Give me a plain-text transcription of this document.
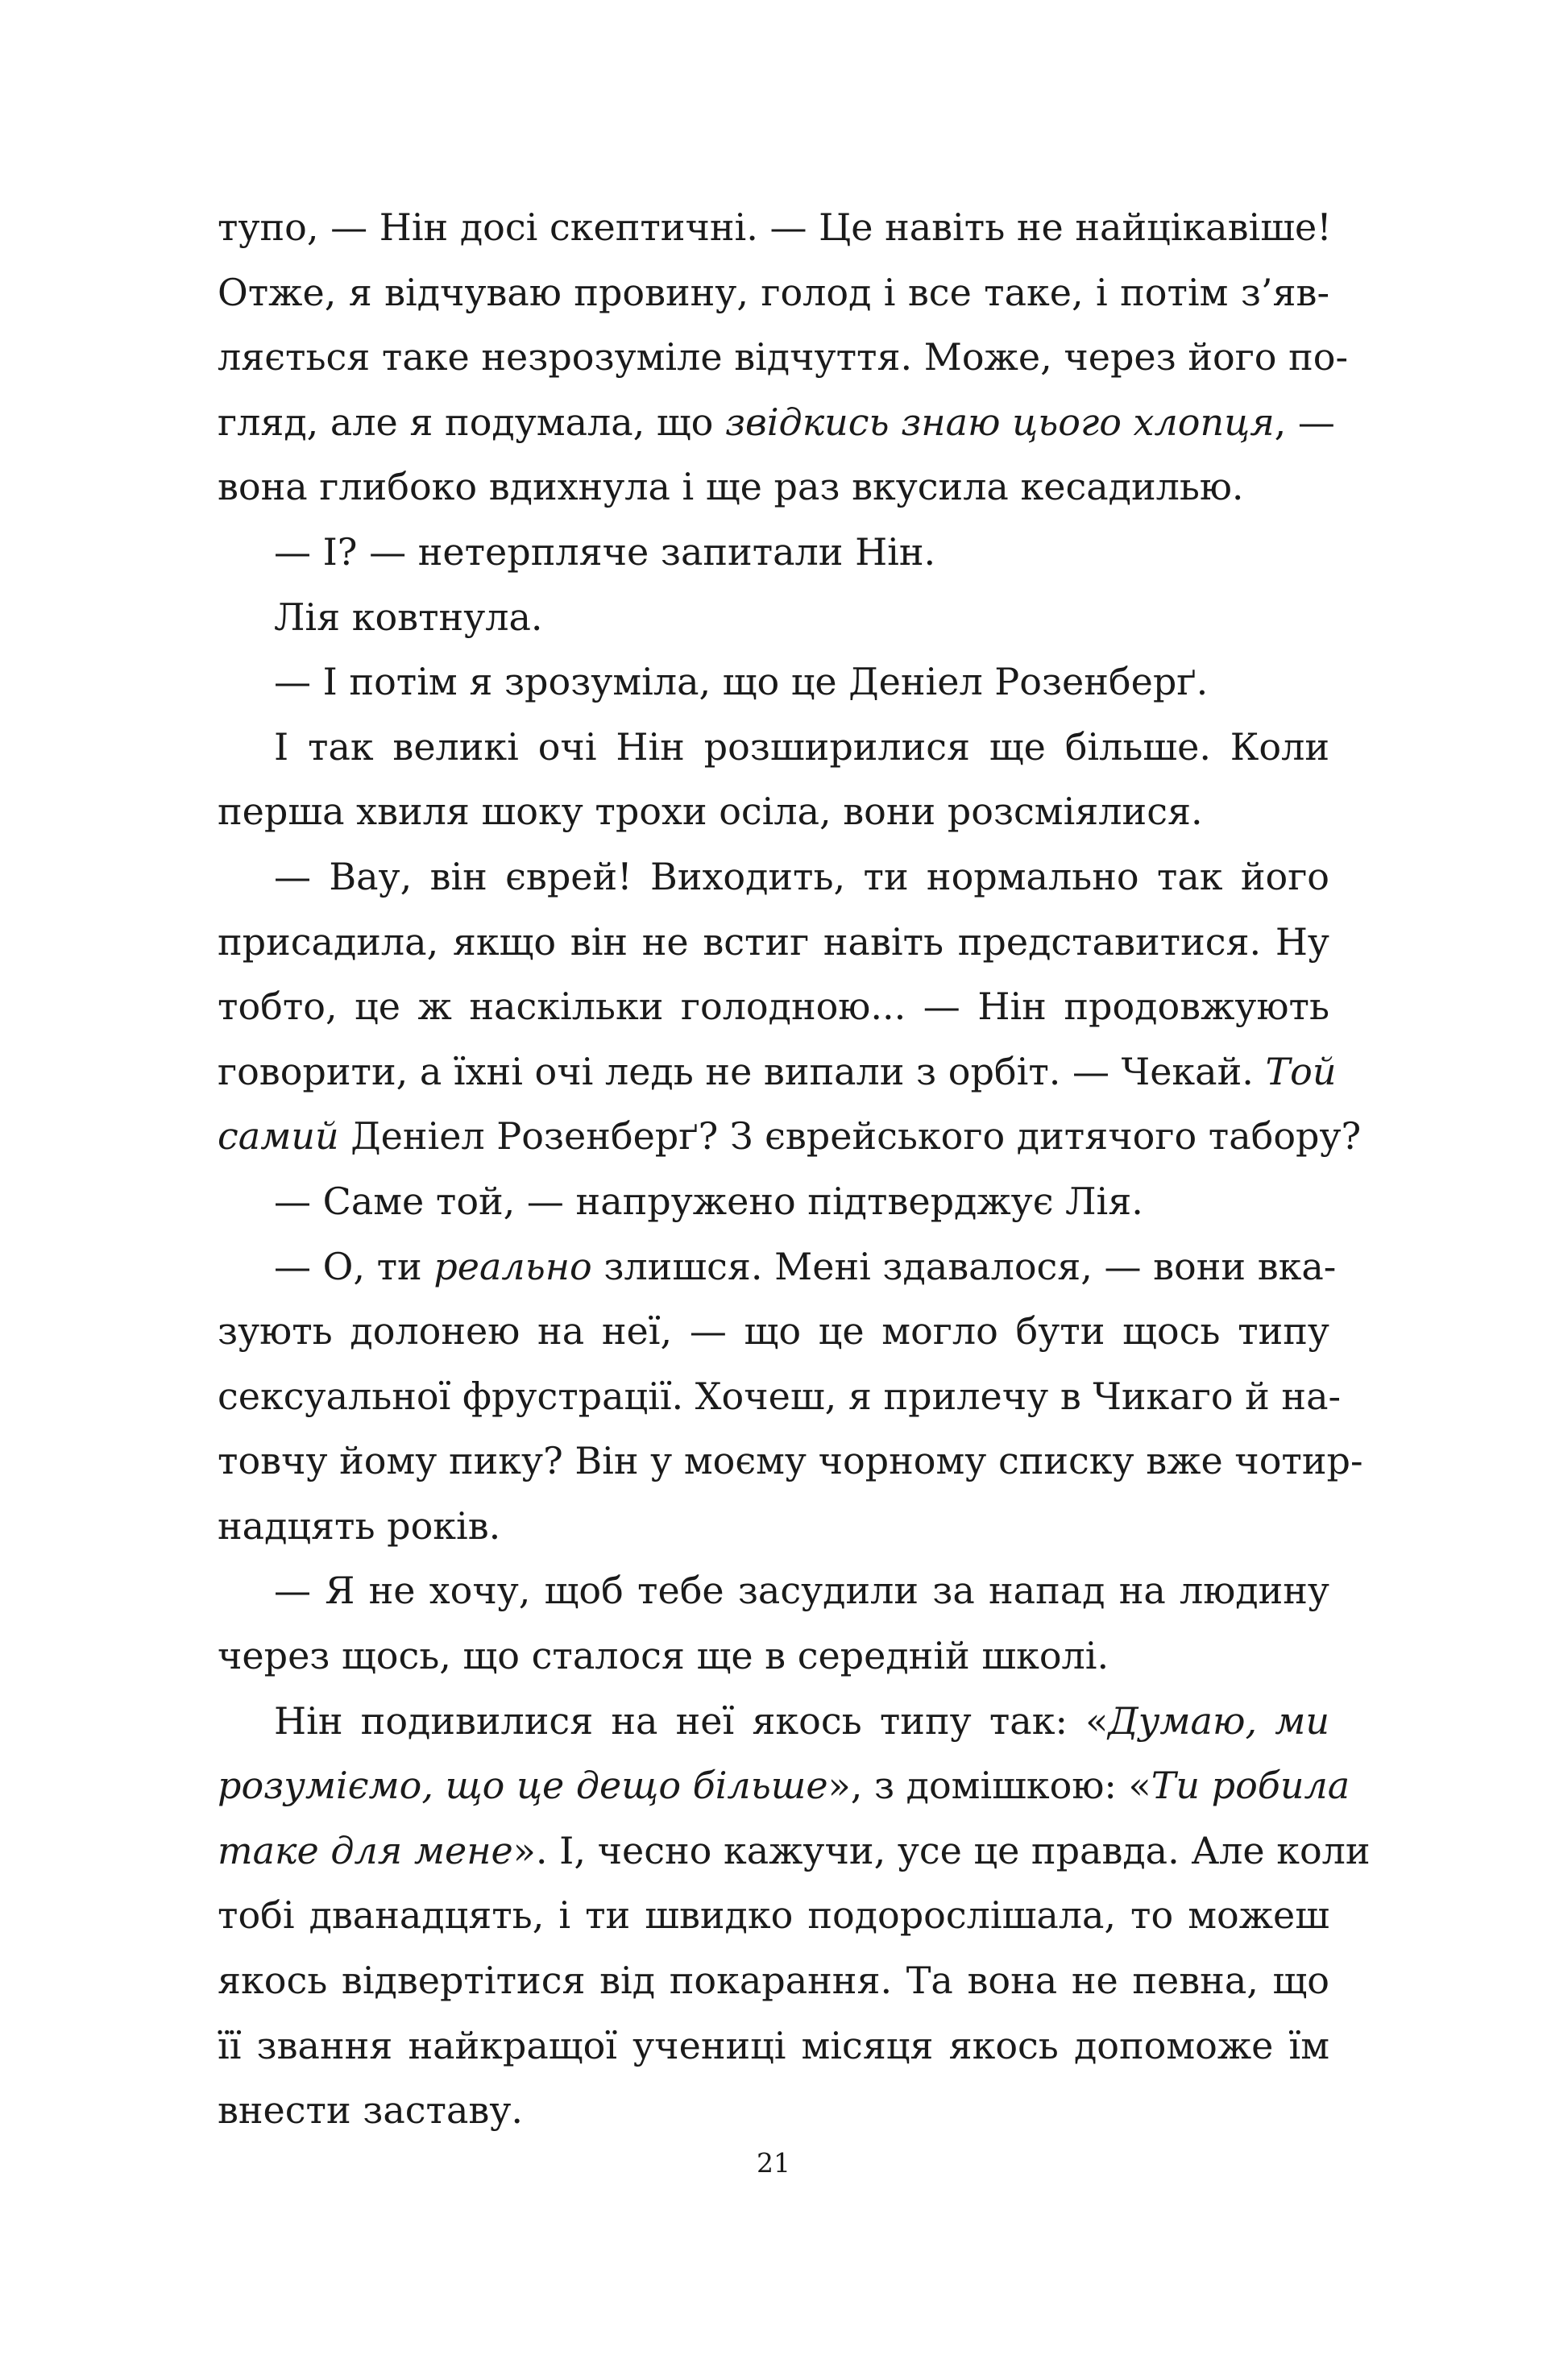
тупо, — Нін досі скептичні. — Це навіть не найцікавіше!
Отже, я відчуваю провину, голод і все таке, і потім з’яв-
ляється таке незрозуміле відчуття. Може, через його по-
гляд, але я подумала, що звідкись знаю цього хлопця, —
вона глибоко вдихнула і ще раз вкусила кесадилью.
— І? — нетерпляче запитали Нін.
Лія ковтнула.
— І потім я зрозуміла, що це Деніел Розенберґ.
І так великі очі Нін розширилися ще більше. Коли
перша хвиля шоку трохи осіла, вони розсміялися.
— Вау, він єврей! Виходить, ти нормально так його
присадила, якщо він не встиг навіть представитися. Ну
тобто, це ж наскільки голодною... — Нін продовжують
говорити, а їхні очі ледь не випали з орбіт. — Чекай. Той
самий Деніел Розенберґ? З єврейського дитячого табору?
— Саме той, — напружено підтверджує Лія.
— О, ти реально злишся. Мені здавалося, — вони вка-
зують долонею на неї, — що це могло бути щось типу
сексуальної фрустрації. Хочеш, я прилечу в Чикаго й на-
товчу йому пику? Він у моєму чорному списку вже чотир-
надцять років.
— Я не хочу, щоб тебе засудили за напад на людину
через щось, що сталося ще в середній школі.
Нін подивилися на неї якось типу так: «Думаю, ми
розуміємо, що це дещо більше», з домішкою: «Ти робила
таке для мене». І, чесно кажучи, усе це правда. Але коли
тобі дванадцять, і ти швидко подорослішала, то можеш
якось відвертітися від покарання. Та вона не певна, що
її звання найкращої учениці місяця якось допоможе їм
внести заставу.
21
